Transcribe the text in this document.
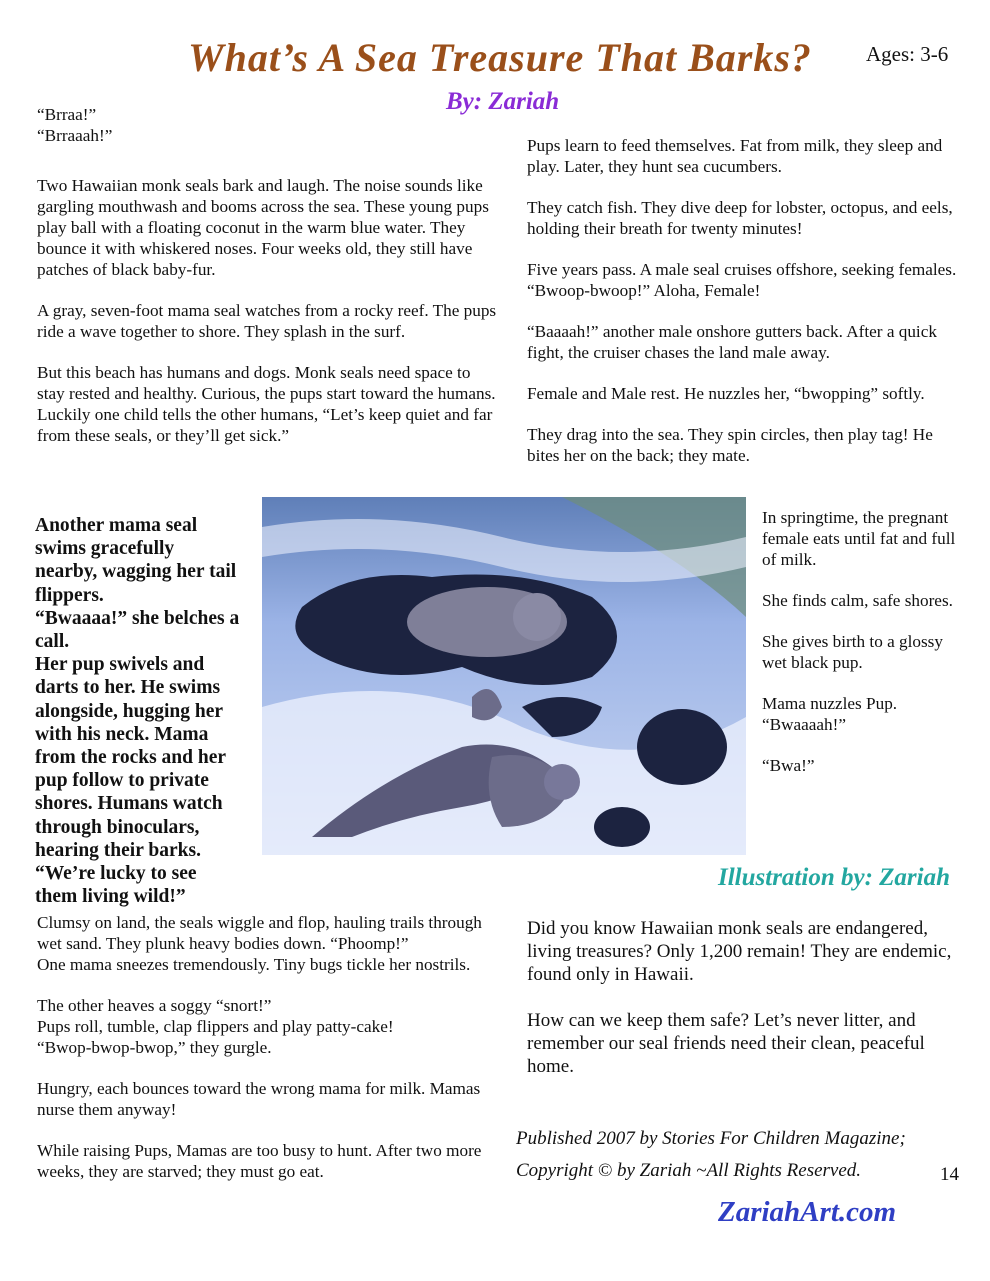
What’s A Sea Treasure That Barks?	Ages: 3-6
By: Zariah
“Brraa!”
“Brraaah!”

Two Hawaiian monk seals bark and laugh. The noise sounds like gargling mouthwash and booms across the sea. These young pups play ball with a floating coconut in the warm blue water. They bounce it with whiskered noses. Four weeks old, they still have patches of black baby-fur.

A gray, seven-foot mama seal watches from a rocky reef. The pups ride a wave together to shore. They splash in the surf.

But this beach has humans and dogs. Monk seals need space to stay rested and healthy. Curious, the pups start toward the humans. Luckily one child tells the other humans, “Let’s keep quiet and far from these seals, or they’ll get sick.”

Another mama seal

swims gracefully

nearby, wagging her tail

flippers.

“Bwaaaa!” she belches a

call.

Her pup swivels and

darts to her. He swims

alongside, hugging her

with his neck. Mama

from the rocks and her

pup follow to private

shores. Humans watch

through binoculars,

hearing their barks.

“We’re lucky to see

them living wild!”

Clumsy on land, the seals wiggle and flop, hauling trails through wet sand. They plunk heavy bodies down. “Phoomp!”

One mama sneezes tremendously. Tiny bugs tickle her nostrils.

The other heaves a soggy “snort!”
Pups roll, tumble, clap flippers and play patty-cake!

“Bwop-bwop-bwop,” they gurgle.

Hungry, each bounces toward the wrong mama for milk. Mamas nurse them anyway!

While raising Pups, Mamas are too busy to hunt. After two more weeks, they are starved; they must go eat.

Pups learn to feed themselves. Fat from milk, they sleep and play. Later, they hunt sea cucumbers.

They catch fish. They dive deep for lobster, octopus, and eels, holding their breath for twenty minutes!

Five years pass. A male seal cruises offshore, seeking females. “Bwoop-bwoop!” Aloha, Female!

“Baaaah!” another male onshore gutters back. After a quick fight, the cruiser chases the land male away.

Female and Male rest. He nuzzles her, “bwopping” softly.

They drag into the sea. They spin circles, then play tag! He bites her on the back; they mate.

In springtime, the pregnant female eats until fat and full of milk.

She finds calm, safe shores.

She gives birth to a glossy wet black pup.

Mama nuzzles Pup.

“Bwaaaah!”

“Bwa!”

Illustration by: Zariah

Did you know Hawaiian monk seals are endangered, living treasures? Only 1,200 remain! They are endemic, found only in Hawaii.

How can we keep them safe? Let’s never litter, and remember our seal friends need their clean, peaceful home.

Published 2007 by Stories For Children Magazine;
Copyright © by Zariah ~All Rights Reserved.
ZariahArt.com
14
